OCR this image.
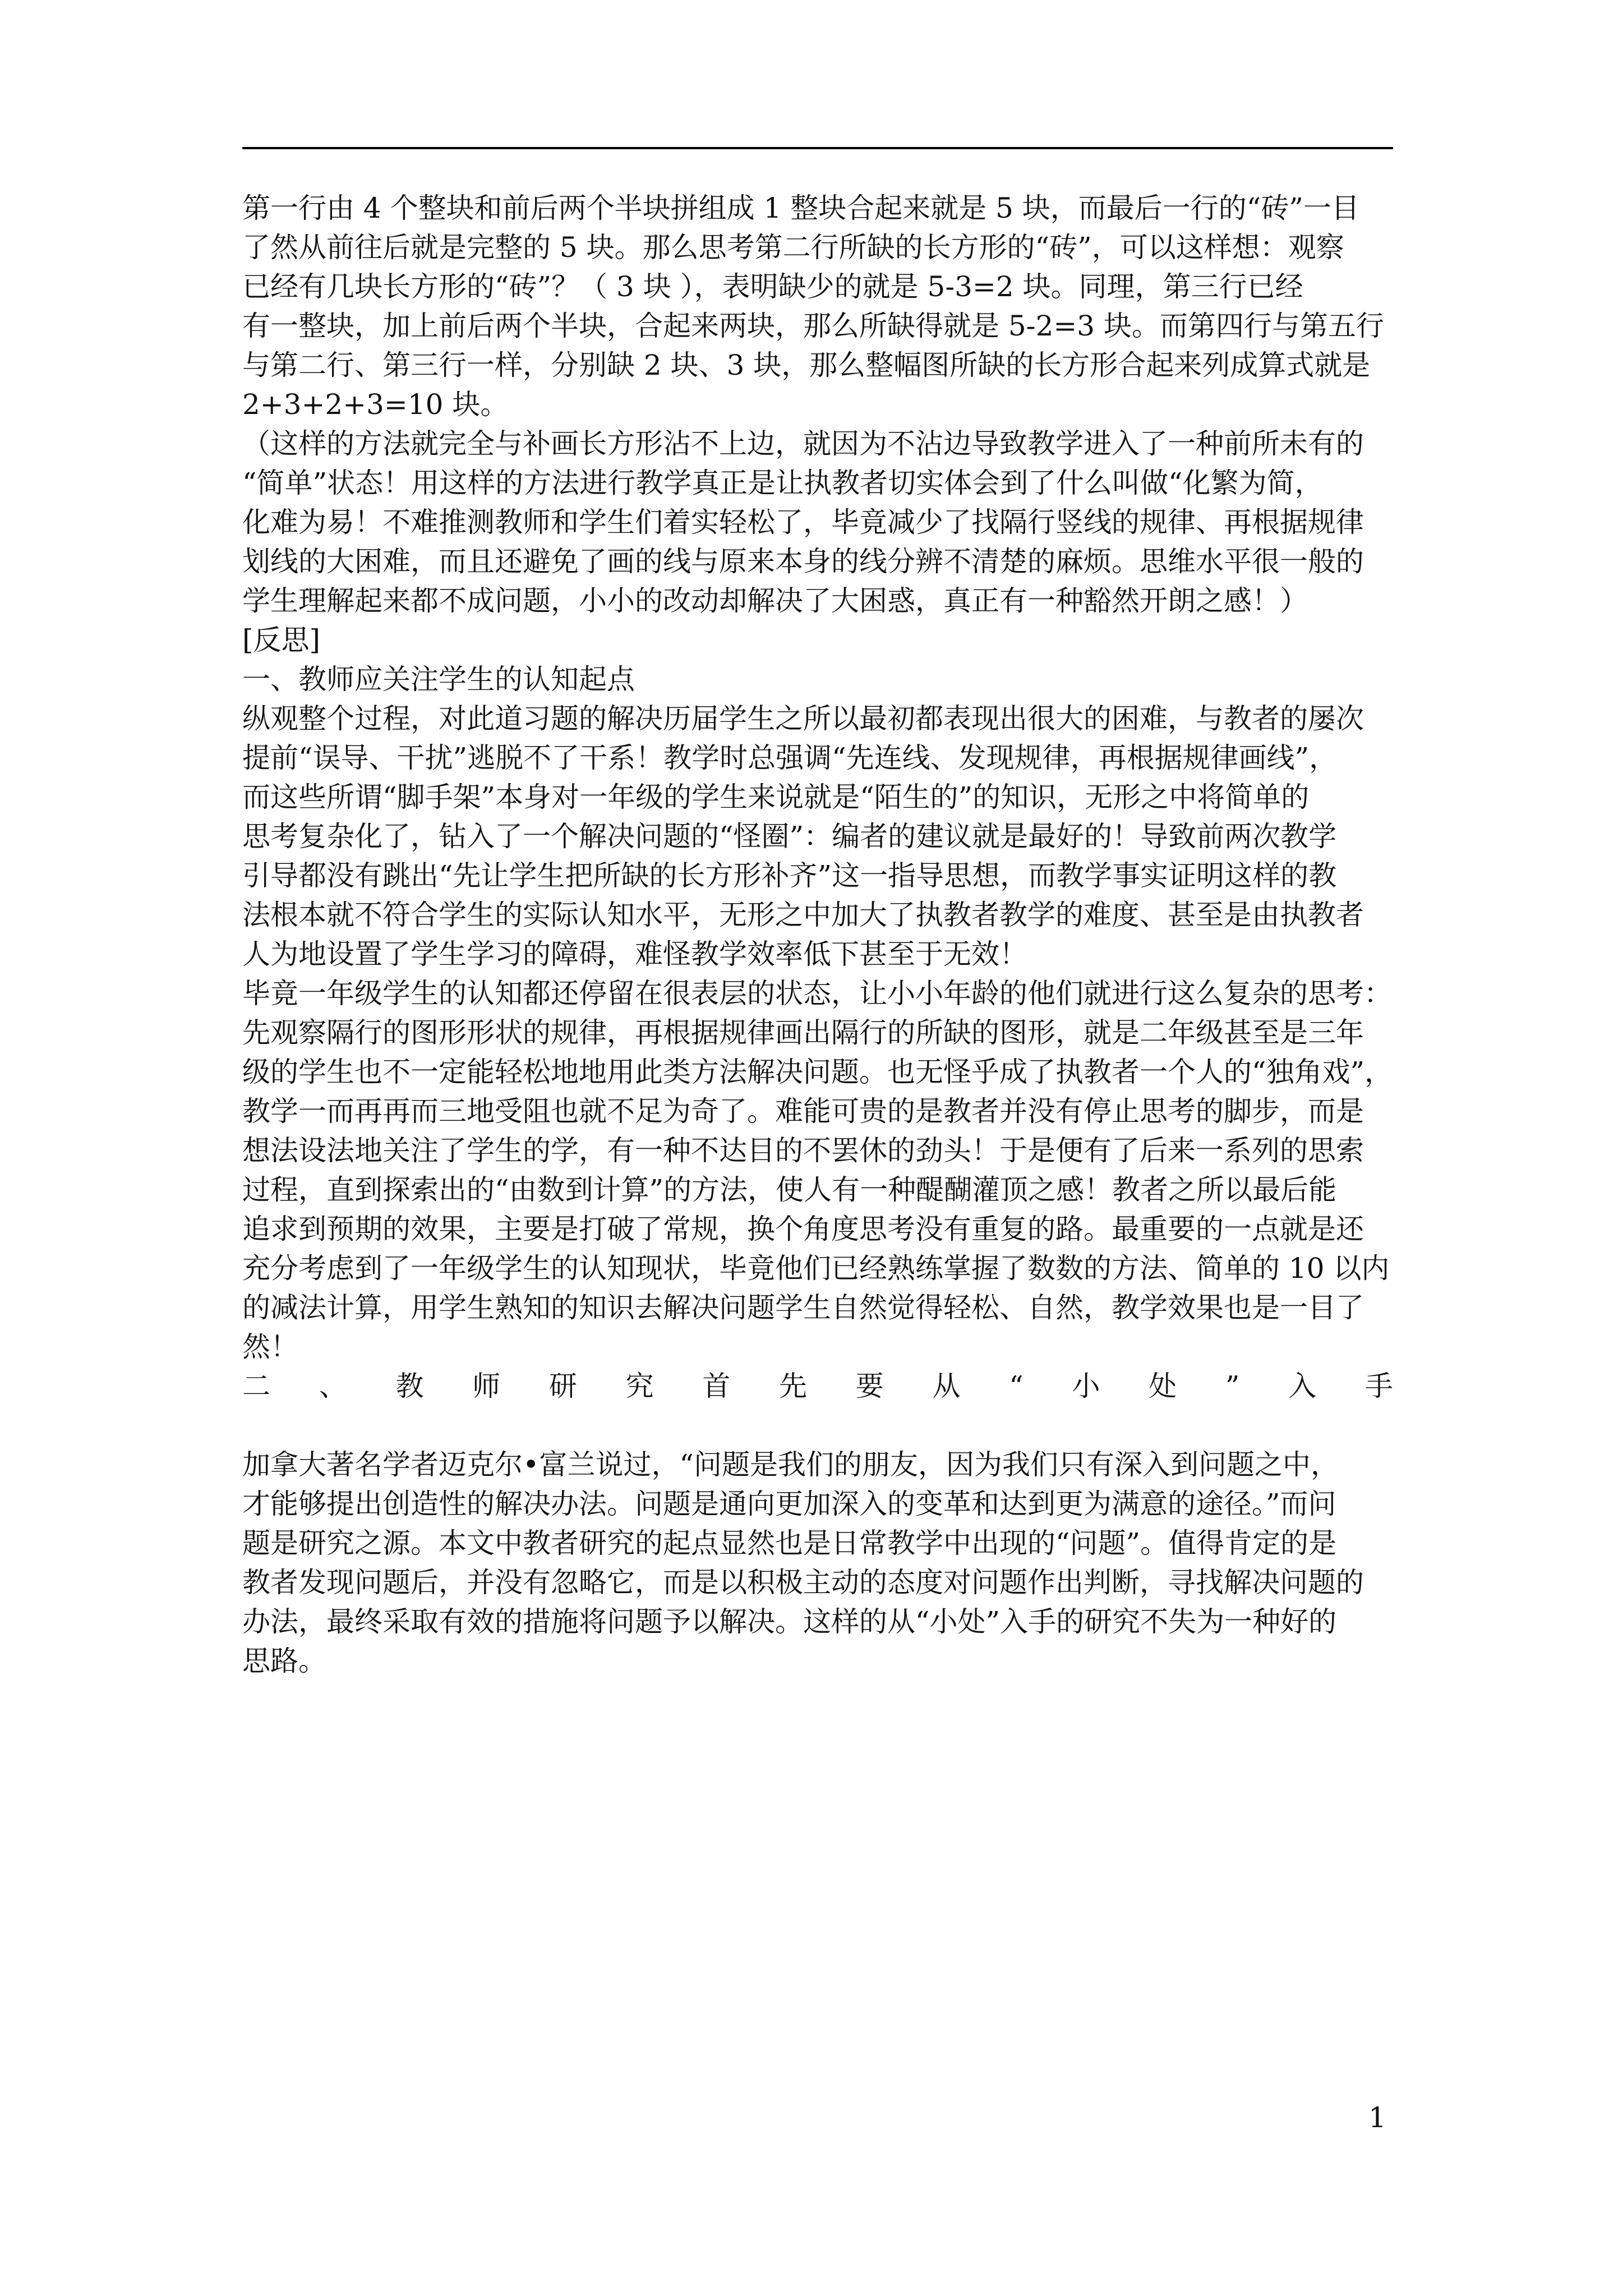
第一行由 4 个整块和前后两个半块拼组成 1 整块合起来就是 5 块，而最后一行的“砖”一目
了然从前往后就是完整的 5 块。那么思考第二行所缺的长方形的“砖”，可以这样想：观察
已经有几块长方形的“砖”？（ 3 块 ），表明缺少的就是 5-3=2 块。同理，第三行已经
有一整块，加上前后两个半块，合起来两块，那么所缺得就是 5-2=3 块。而第四行与第五行
与第二行、第三行一样，分别缺 2 块、3 块，那么整幅图所缺的长方形合起来列成算式就是
2+3+2+3=10 块。
（这样的方法就完全与补画长方形沾不上边，就因为不沾边导致教学进入了一种前所未有的
“简单”状态！用这样的方法进行教学真正是让执教者切实体会到了什么叫做“化繁为简，
化难为易！不难推测教师和学生们着实轻松了，毕竟减少了找隔行竖线的规律、再根据规律
划线的大困难，而且还避免了画的线与原来本身的线分辨不清楚的麻烦。思维水平很一般的
学生理解起来都不成问题，小小的改动却解决了大困惑，真正有一种豁然开朗之感！）
[反思]
一、教师应关注学生的认知起点
纵观整个过程，对此道习题的解决历届学生之所以最初都表现出很大的困难，与教者的屡次
提前“误导、干扰”逃脱不了干系！教学时总强调“先连线、发现规律，再根据规律画线”，
而这些所谓“脚手架”本身对一年级的学生来说就是“陌生的”的知识，无形之中将简单的
思考复杂化了，钻入了一个解决问题的“怪圈”：编者的建议就是最好的！导致前两次教学
引导都没有跳出“先让学生把所缺的长方形补齐”这一指导思想，而教学事实证明这样的教
法根本就不符合学生的实际认知水平，无形之中加大了执教者教学的难度、甚至是由执教者
人为地设置了学生学习的障碍，难怪教学效率低下甚至于无效！
毕竟一年级学生的认知都还停留在很表层的状态，让小小年龄的他们就进行这么复杂的思考：
先观察隔行的图形形状的规律，再根据规律画出隔行的所缺的图形，就是二年级甚至是三年
级的学生也不一定能轻松地地用此类方法解决问题。也无怪乎成了执教者一个人的“独角戏”，
教学一而再再而三地受阻也就不足为奇了。难能可贵的是教者并没有停止思考的脚步，而是
想法设法地关注了学生的学，有一种不达目的不罢休的劲头！于是便有了后来一系列的思索
过程，直到探索出的“由数到计算”的方法，使人有一种醍醐灌顶之感！教者之所以最后能
追求到预期的效果，主要是打破了常规，换个角度思考没有重复的路。最重要的一点就是还
充分考虑到了一年级学生的认知现状，毕竟他们已经熟练掌握了数数的方法、简单的 10 以内
的减法计算，用学生熟知的知识去解决问题学生自然觉得轻松、自然，教学效果也是一目了
然！
二 、 教 师 研 究 首 先 要 从 “ 小 处 ” 入 手
加拿大著名学者迈克尔•富兰说过，“问题是我们的朋友，因为我们只有深入到问题之中，
才能够提出创造性的解决办法。问题是通向更加深入的变革和达到更为满意的途径。”而问
题是研究之源。本文中教者研究的起点显然也是日常教学中出现的“问题”。值得肯定的是
教者发现问题后，并没有忽略它，而是以积极主动的态度对问题作出判断，寻找解决问题的
办法，最终采取有效的措施将问题予以解决。这样的从“小处”入手的研究不失为一种好的
思路。
1
